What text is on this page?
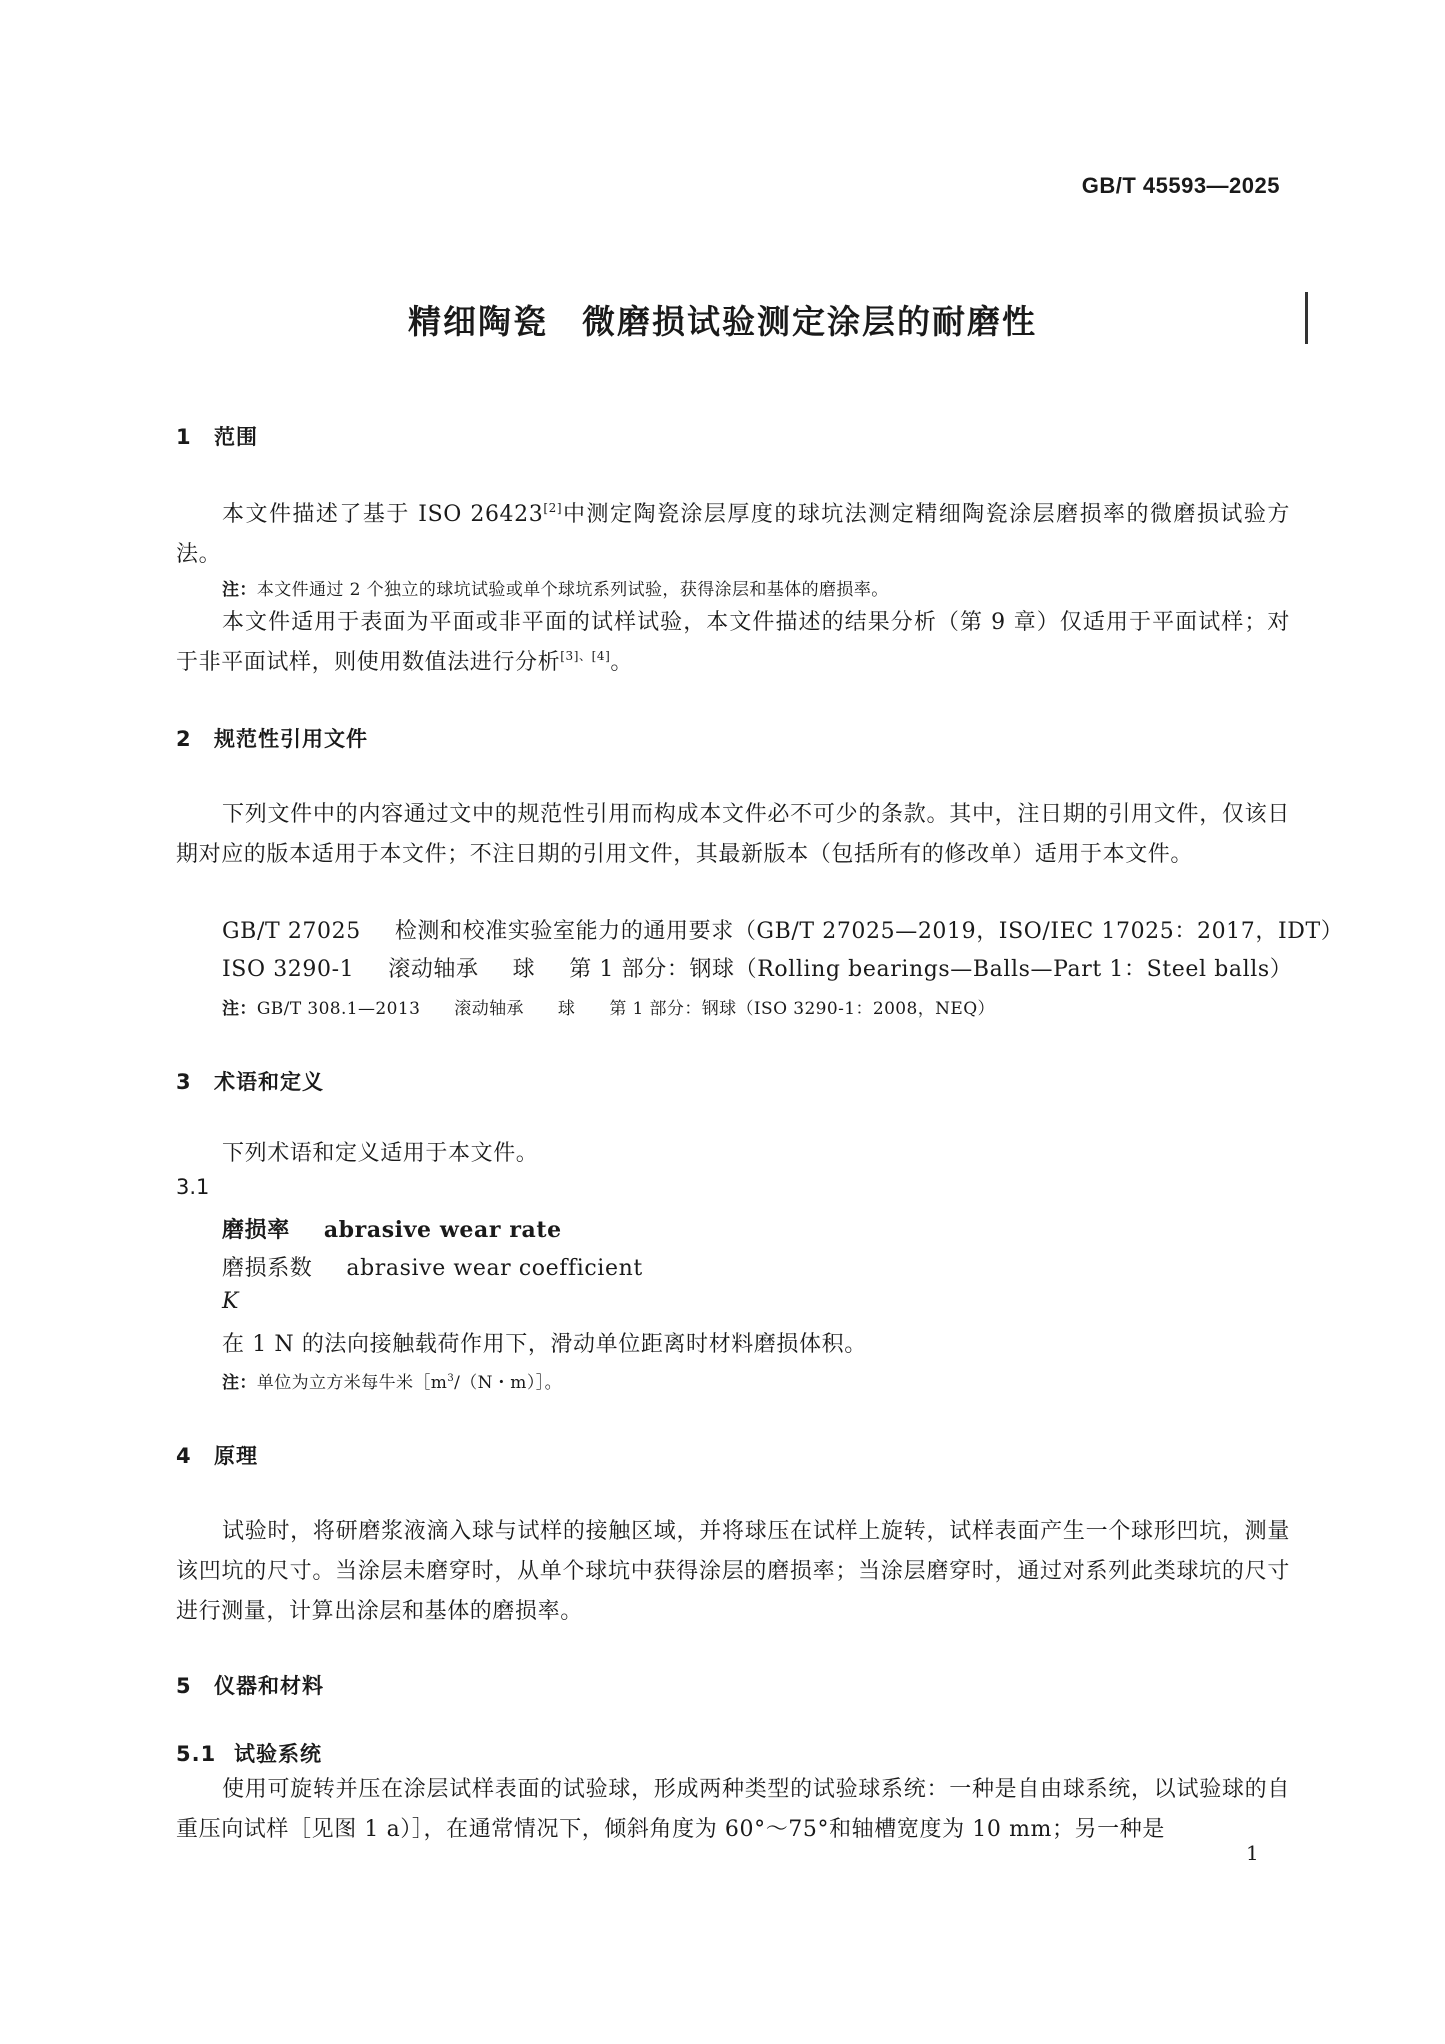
GB/T 45593—2025
精细陶瓷 微磨损试验测定涂层的耐磨性
1 范围
本文件描述了基于 ISO 26423[2]中测定陶瓷涂层厚度的球坑法测定精细陶瓷涂层磨损率的微磨损试验方法。
注：本文件通过 2 个独立的球坑试验或单个球坑系列试验，获得涂层和基体的磨损率。
本文件适用于表面为平面或非平面的试样试验，本文件描述的结果分析（第 9 章）仅适用于平面试样；对于非平面试样，则使用数值法进行分析[3]、[4]。
2 规范性引用文件
下列文件中的内容通过文中的规范性引用而构成本文件必不可少的条款。其中，注日期的引用文件，仅该日期对应的版本适用于本文件；不注日期的引用文件，其最新版本（包括所有的修改单）适用于本文件。
GB/T 27025 检测和校准实验室能力的通用要求（GB/T 27025—2019，ISO/IEC 17025：2017，IDT）
ISO 3290-1 滚动轴承 球 第 1 部分：钢球（Rolling bearings—Balls—Part 1：Steel balls）
注：GB/T 308.1—2013 滚动轴承 球 第 1 部分：钢球（ISO 3290-1：2008，NEQ）
3 术语和定义
下列术语和定义适用于本文件。
3.1
磨损率 abrasive wear rate
磨损系数 abrasive wear coefficient
K
在 1 N 的法向接触载荷作用下，滑动单位距离时材料磨损体积。
注：单位为立方米每牛米$[m^3/(N$・m）］。
4 原理
试验时，将研磨浆液滴入球与试样的接触区域，并将球压在试样上旋转，试样表面产生一个球形凹坑，测量该凹坑的尺寸。当涂层未磨穿时，从单个球坑中获得涂层的磨损率；当涂层磨穿时，通过对系列此类球坑的尺寸进行测量，计算出涂层和基体的磨损率。
5 仪器和材料
5.1 试验系统
使用可旋转并压在涂层试样表面的试验球，形成两种类型的试验球系统：一种是自由球系统，以试验球的自重压向试样［见图 1 a）］，在通常情况下，倾斜角度为 60°～75°和轴槽宽度为 10 mm；另一种是
1
